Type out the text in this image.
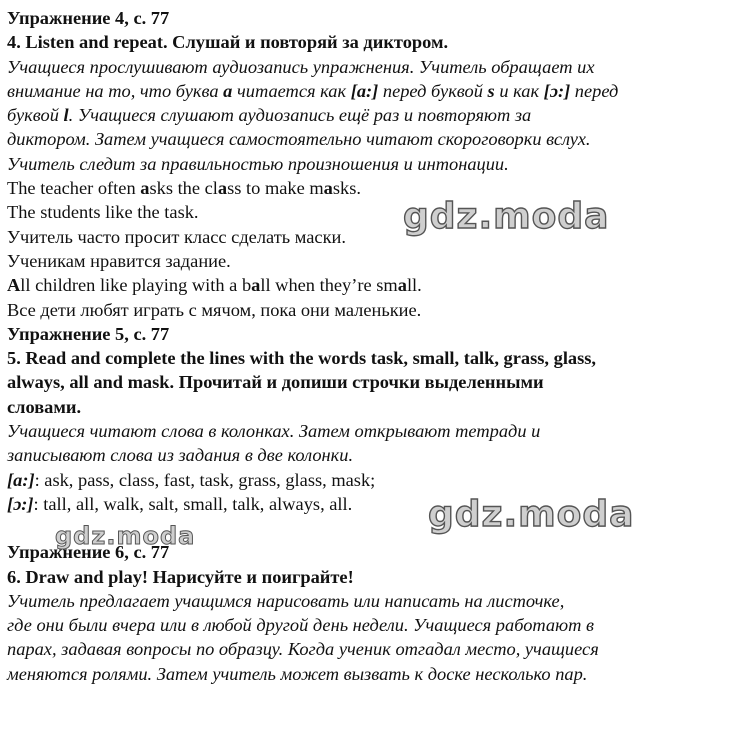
Упражнение 4, с. 77
4. Listen and repeat. Слушай и повторяй за диктором.
Учащиеся прослушивают аудиозапись упражнения. Учитель обращает их
внимание на то, что буква a читается как [a:] перед буквой s и как [ɔ:] перед
буквой l. Учащиеся слушают аудиозапись ещё раз и повторяют за
диктором. Затем учащиеся самостоятельно читают скороговорки вслух.
Учитель следит за правильностью произношения и интонации.
The teacher often asks the class to make masks.
The students like the task.
Учитель часто просит класс сделать маски.
Ученикам нравится задание.
All children like playing with a ball when they’re small.
Все дети любят играть с мячом, пока они маленькие.
Упражнение 5, с. 77
5. Read and complete the lines with the words task, small, talk, grass, glass,
always, all and mask. Прочитай и допиши строчки выделенными
словами.
Учащиеся читают слова в колонках. Затем открывают тетради и
записывают слова из задания в две колонки.
[a:]: ask, pass, class, fast, task, grass, glass, mask;
[ɔ:]: tall, all, walk, salt, small, talk, always, all.
Упражнение 6, с. 77
6. Draw and play! Нарисуйте и поиграйте!
Учитель предлагает учащимся нарисовать или написать на листочке,
где они были вчера или в любой другой день недели. Учащиеся работают в
парах, задавая вопросы по образцу. Когда ученик отгадал место, учащиеся
меняются ролями. Затем учитель может вызвать к доске несколько пар.
gdz.moda
gdz.moda
gdz.moda
